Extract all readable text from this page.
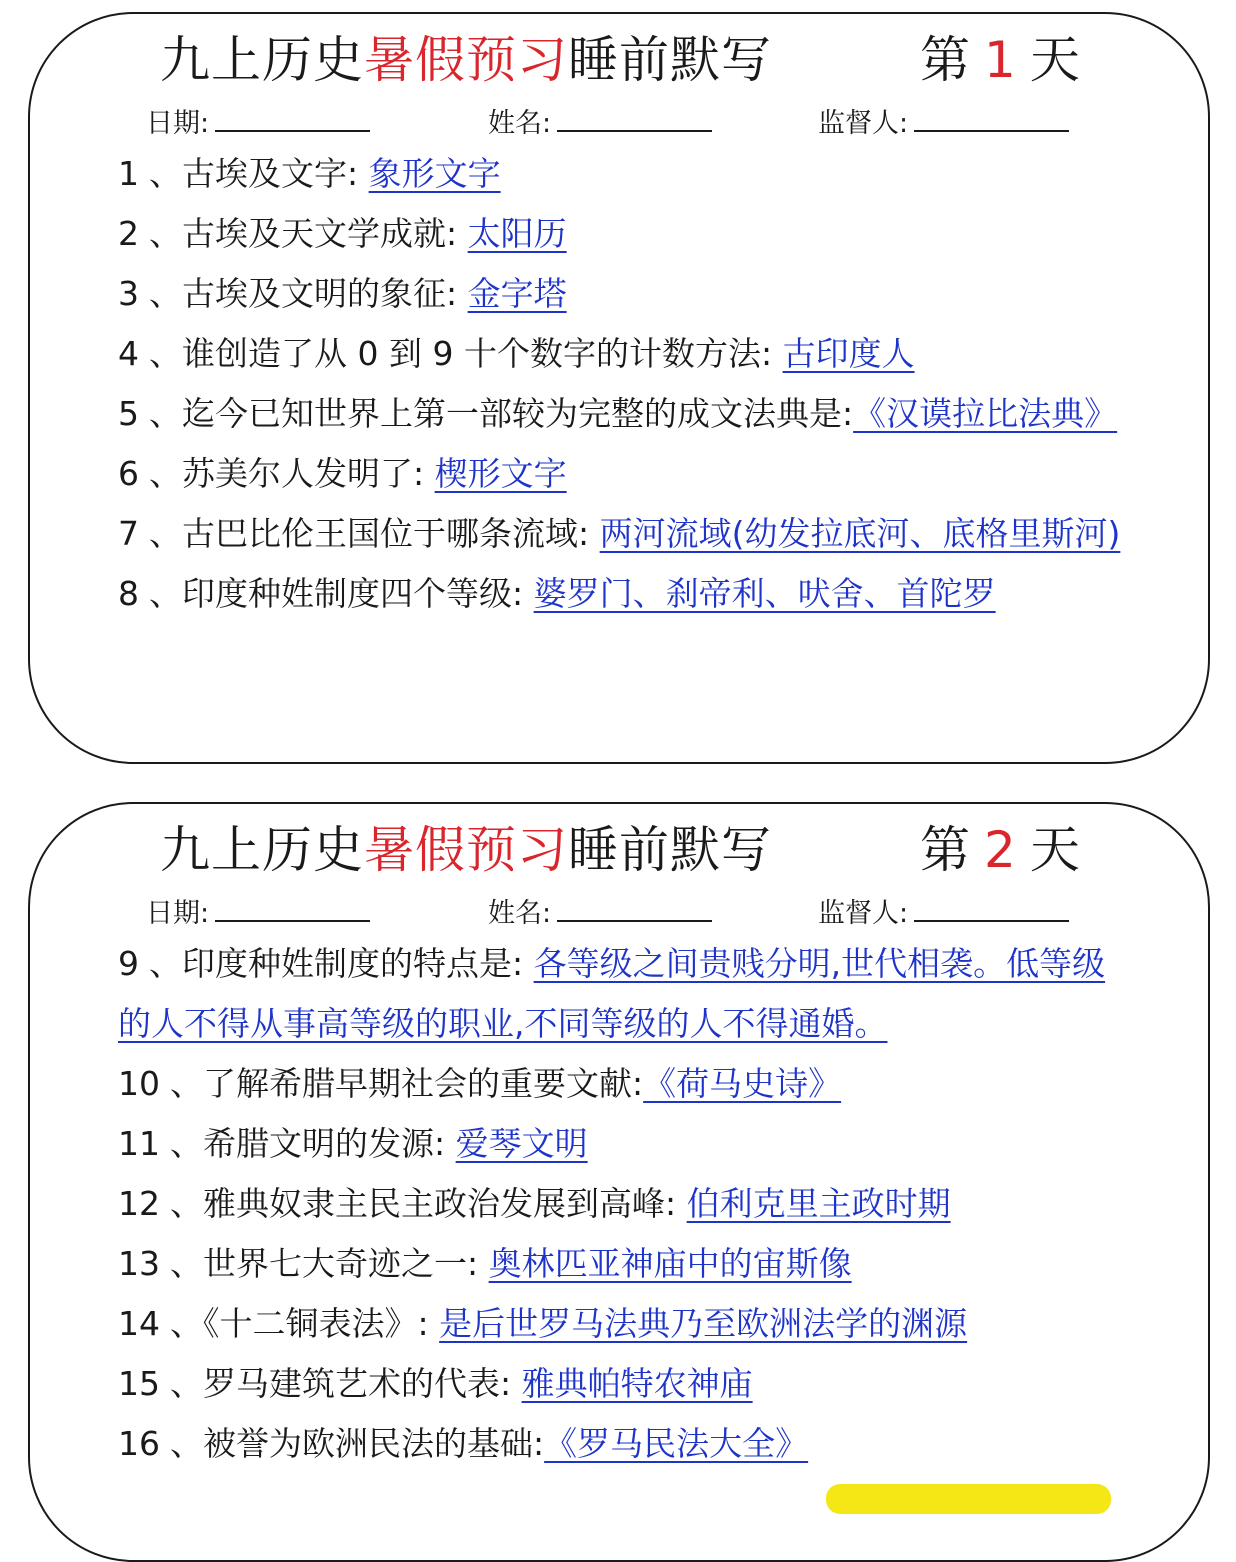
九上历史暑假预习睡前默写	第 1 天
日期:	姓名:	监督人:
1 、古埃及文字: 象形文字
2 、古埃及天文学成就: 太阳历
3 、古埃及文明的象征: 金字塔
4 、谁创造了从 0 到 9 十个数字的计数方法: 古印度人
5 、迄今已知世界上第一部较为完整的成文法典是:《汉谟拉比法典》
6 、苏美尔人发明了: 楔形文字
7 、古巴比伦王国位于哪条流域: 两河流域(幼发拉底河、底格里斯河)
8 、印度种姓制度四个等级: 婆罗门、刹帝利、吠舍、首陀罗
九上历史暑假预习睡前默写	第 2 天
日期:	姓名:	监督人:
9 、印度种姓制度的特点是: 各等级之间贵贱分明,世代相袭。低等级的人不得从事高等级的职业,不同等级的人不得通婚。
10 、了解希腊早期社会的重要文献:《荷马史诗》
11 、希腊文明的发源: 爱琴文明
12 、雅典奴隶主民主政治发展到高峰: 伯利克里主政时期
13 、世界七大奇迹之一: 奥林匹亚神庙中的宙斯像
14 、《十二铜表法》: 是后世罗马法典乃至欧洲法学的渊源
15 、罗马建筑艺术的代表: 雅典帕特农神庙
16 、被誉为欧洲民法的基础:《罗马民法大全》
